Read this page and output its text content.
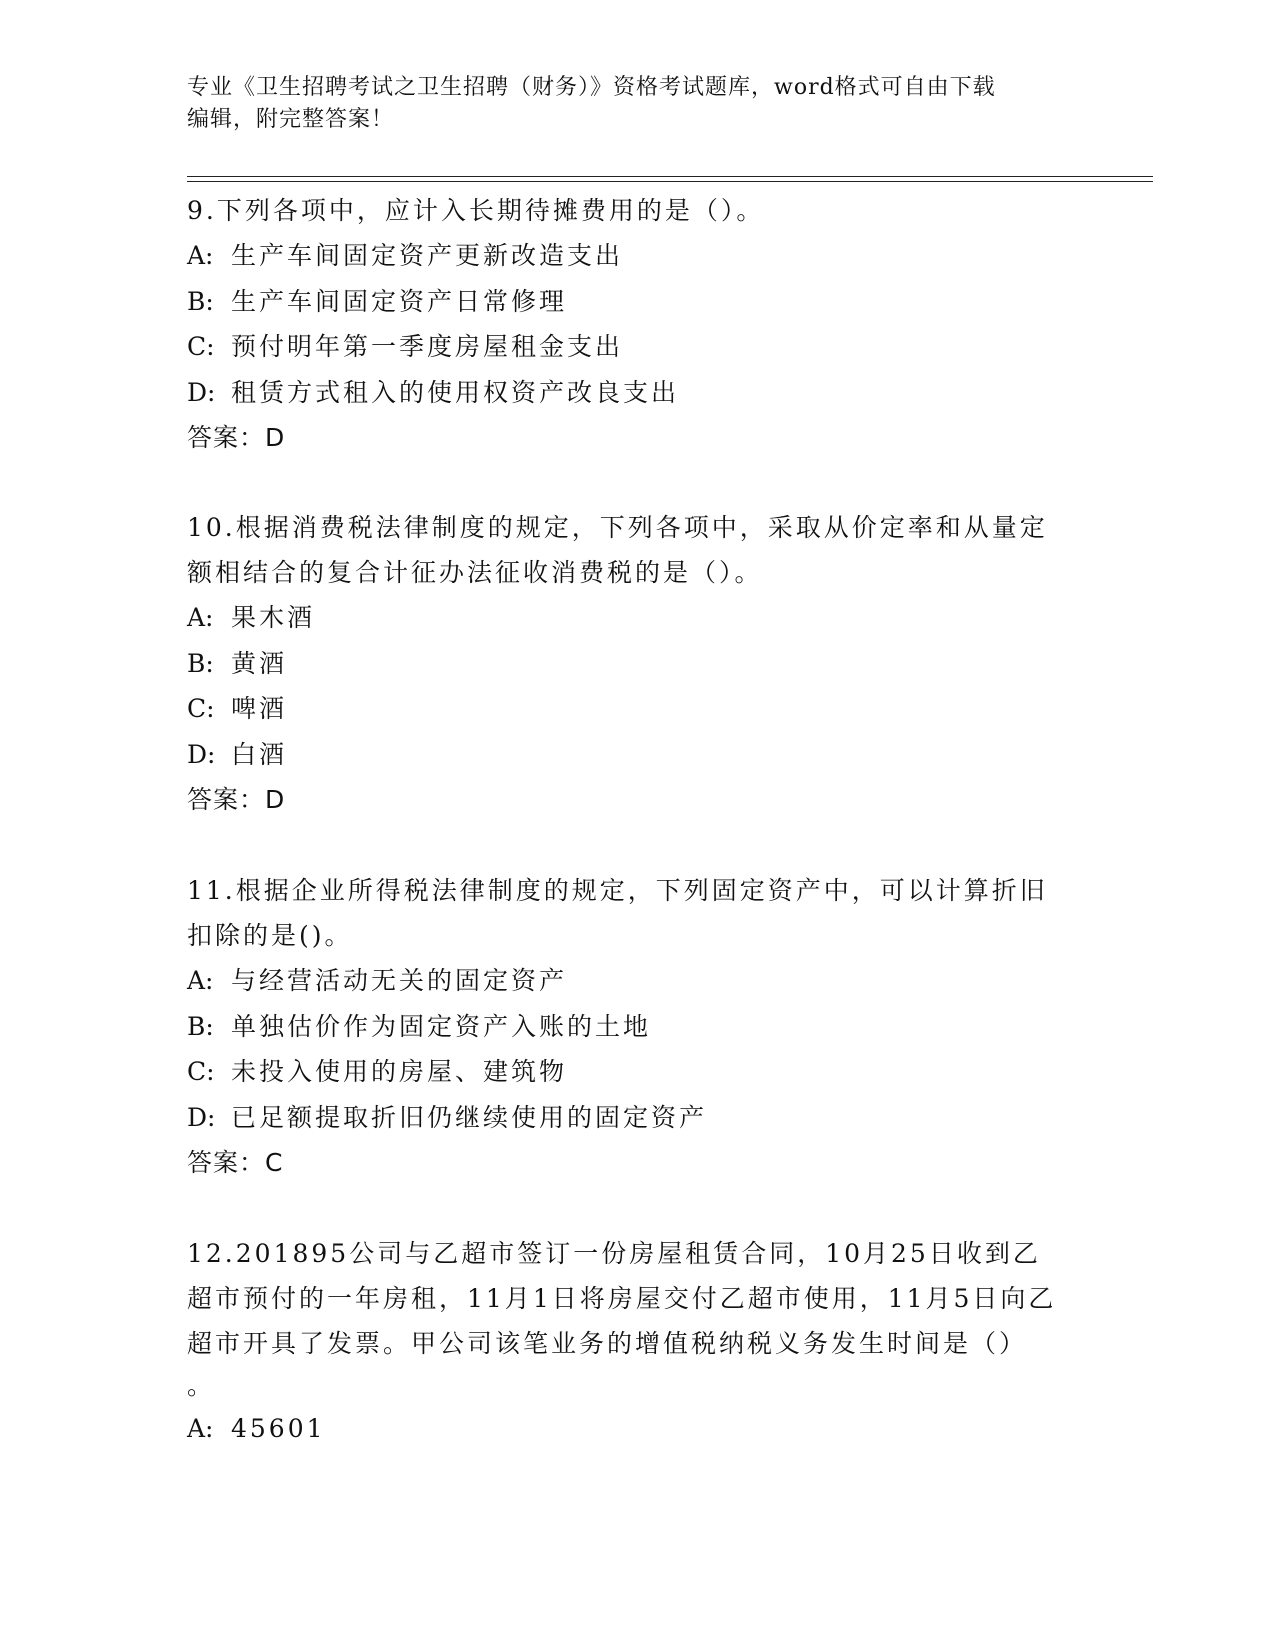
专业《卫生招聘考试之卫生招聘（财务）》资格考试题库，word格式可自由下载
编辑，附完整答案！
9.下列各项中，应计入长期待摊费用的是（）。
A: 生产车间固定资产更新改造支出
B: 生产车间固定资产日常修理
C: 预付明年第一季度房屋租金支出
D: 租赁方式租入的使用权资产改良支出
答案：D
10.根据消费税法律制度的规定，下列各项中，采取从价定率和从量定额相结合的复合计征办法征收消费税的是（）。
A: 果木酒
B: 黄酒
C: 啤酒
D: 白酒
答案：D
11.根据企业所得税法律制度的规定，下列固定资产中，可以计算折旧扣除的是()。
A: 与经营活动无关的固定资产
B: 单独估价作为固定资产入账的土地
C: 未投入使用的房屋、建筑物
D: 已足额提取折旧仍继续使用的固定资产
答案：C
12.201895公司与乙超市签订一份房屋租赁合同，10月25日收到乙超市预付的一年房租，11月1日将房屋交付乙超市使用，11月5日向乙超市开具了发票。甲公司该笔业务的增值税纳税义务发生时间是（）
。
A: 45601
